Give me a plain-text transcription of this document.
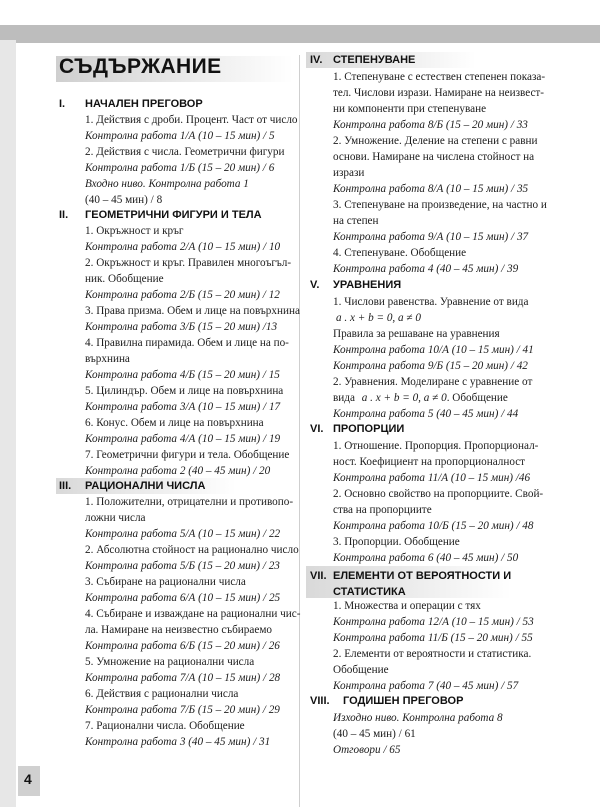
СЪДЪРЖАНИЕ
I. НАЧАЛЕН ПРЕГОВОР
1. Действия с дроби. Процент. Част от число
Контролна работа 1/А (10 – 15 мин) / 5
2. Действия с числа. Геометрични фигури
Контролна работа 1/Б (15 – 20 мин) / 6
Входно ниво. Контролна работа 1
(40 – 45 мин) / 8
II. ГЕОМЕТРИЧНИ ФИГУРИ И ТЕЛА
1. Окръжност и кръг
Контролна работа 2/А (10 – 15 мин) / 10
2. Окръжност и кръг. Правилен многоъгъл-
ник. Обобщение
Контролна работа 2/Б (15 – 20 мин) / 12
3. Права призма. Обем и лице на повърхнина
Контролна работа 3/Б (15 – 20 мин) /13
4. Правилна пирамида. Обем и лице на по-
върхнина
Контролна работа 4/Б (15 – 20 мин) / 15
5. Цилиндър. Обем и лице на повърхнина
Контролна работа 3/А (10 – 15 мин) / 17
6. Конус. Обем и лице на повърхнина
Контролна работа 4/А (10 – 15 мин) / 19
7. Геометрични фигури и тела. Обобщение
Контролна работа 2 (40 – 45 мин) / 20
III. РАЦИОНАЛНИ ЧИСЛА
1. Положителни, отрицателни и противопо-
ложни числа
Контролна работа 5/А (10 – 15 мин) / 22
2. Абсолютна стойност на рационално число
Контролна работа 5/Б (15 – 20 мин) / 23
3. Събиране на рационални числа
Контролна работа 6/А (10 – 15 мин) / 25
4. Събиране и изваждане на рационални чис-
ла. Намиране на неизвестно събираемо
Контролна работа 6/Б (15 – 20 мин) / 26
5. Умножение на рационални числа
Контролна работа 7/А (10 – 15 мин) / 28
6. Действия с рационални числа
Контролна работа 7/Б (15 – 20 мин) / 29
7. Рационални числа. Обобщение
Контролна работа 3 (40 – 45 мин) / 31
IV. СТЕПЕНУВАНЕ
1. Степенуване с естествен степенен показа-
тел. Числови изрази. Намиране на неизвест-
ни компоненти при степенуване
Контролна работа 8/Б (15 – 20 мин) / 33
2. Умножение. Деление на степени с равни
основи. Намиране на числена стойност на
изрази
Контролна работа 8/А (10 – 15 мин) / 35
3. Степенуване на произведение, на частно и
на степен
Контролна работа 9/А (10 – 15 мин) / 37
4. Степенуване. Обобщение
Контролна работа 4 (40 – 45 мин) / 39
V. УРАВНЕНИЯ
1. Числови равенства. Уравнение от вида
a . x + b = 0, a ≠ 0
Правила за решаване на уравнения
Контролна работа 10/А (10 – 15 мин) / 41
Контролна работа 9/Б (15 – 20 мин) / 42
2. Уравнения. Моделиране с уравнение от
вида a . x + b = 0, a ≠ 0. Обобщение
Контролна работа 5 (40 – 45 мин) / 44
VI. ПРОПОРЦИИ
1. Отношение. Пропорция. Пропорционал-
ност. Коефициент на пропорционалност
Контролна работа 11/А (10 – 15 мин) /46
2. Основно свойство на пропорциите. Свой-
ства на пропорциите
Контролна работа 10/Б (15 – 20 мин) / 48
3. Пропорции. Обобщение
Контролна работа 6 (40 – 45 мин) / 50
VII. ЕЛЕМЕНТИ ОТ ВЕРОЯТНОСТИ И
СТАТИСТИКА
1. Множества и операции с тях
Контролна работа 12/А (10 – 15 мин) / 53
Контролна работа 11/Б (15 – 20 мин) / 55
2. Елементи от вероятности и статистика.
Обобщение
Контролна работа 7 (40 – 45 мин) / 57
VIII. ГОДИШЕН ПРЕГОВОР
Изходно ниво. Контролна работа 8
(40 – 45 мин) / 61
Отговори / 65
4
